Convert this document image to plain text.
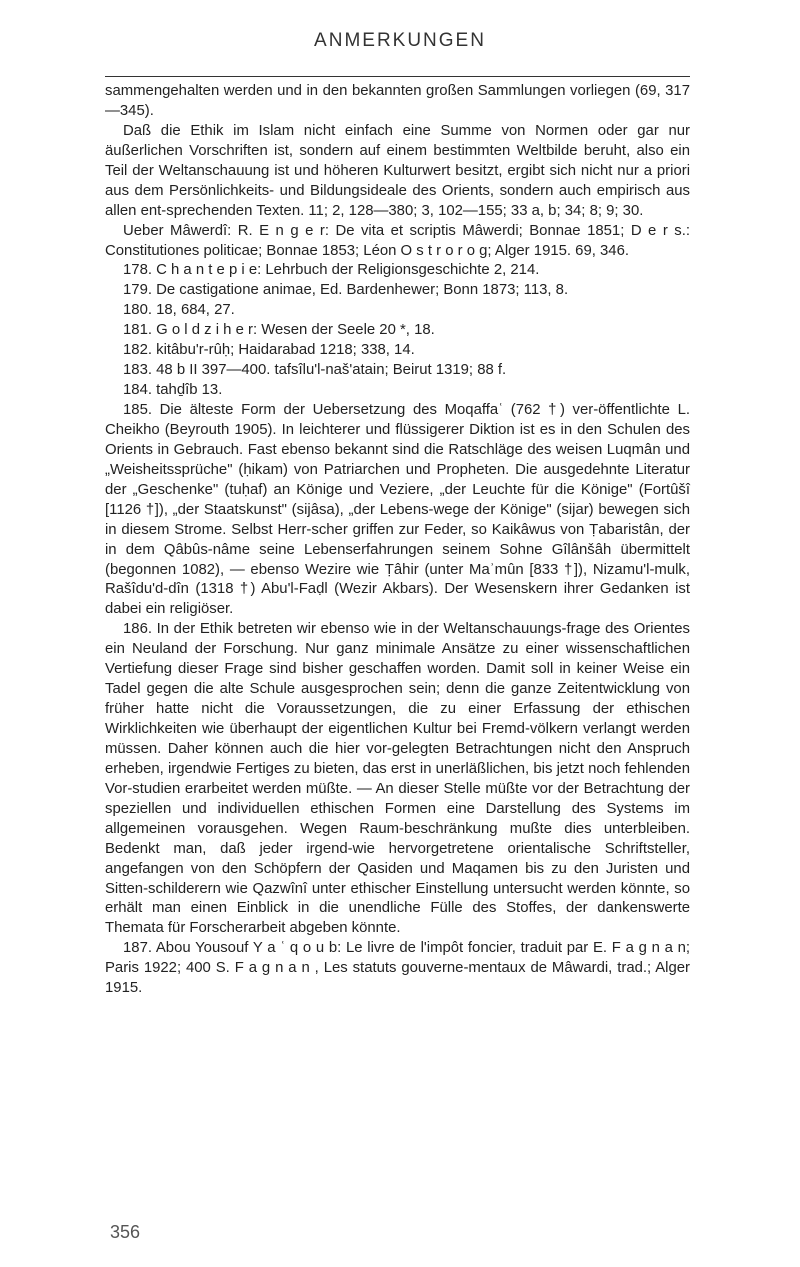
ANMERKUNGEN

sammengehalten werden und in den bekannten großen Sammlungen vorliegen (69, 317—345).

Daß die Ethik im Islam nicht einfach eine Summe von Normen oder gar nur äußerlichen Vorschriften ist, sondern auf einem bestimmten Weltbilde beruht, also ein Teil der Weltanschauung ist und höheren Kulturwert besitzt, ergibt sich nicht nur a priori aus dem Persönlichkeits- und Bildungsideale des Orients, sondern auch empirisch aus allen ent-sprechenden Texten. 11; 2, 128—380; 3, 102—155; 33 a, b; 34; 8; 9; 30.

Ueber Mâwerdî: R. E n g e r: De vita et scriptis Mâwerdi; Bonnae 1851; D e r s.: Constitutiones politicae; Bonnae 1853; Léon O s t r o r o g; Alger 1915. 69, 346.

178. C h a n t e p i e: Lehrbuch der Religionsgeschichte 2, 214.

179. De castigatione animae, Ed. Bardenhewer; Bonn 1873; 113, 8.

180. 18, 684, 27.

181. G o l d z i h e r: Wesen der Seele 20 *, 18.

182. kitâbu'r-rûḥ; Haidarabad 1218; 338, 14.

183. 48 b II 397—400. tafsîlu'l-naš'atain; Beirut 1319; 88 f.

184. tahḏîb 13.

185. Die älteste Form der Uebersetzung des Moqaffaʿ (762 †) ver-öffentlichte L. Cheikho (Beyrouth 1905). In leichterer und flüssigerer Diktion ist es in den Schulen des Orients in Gebrauch. Fast ebenso bekannt sind die Ratschläge des weisen Luqmân und „Weisheitssprüche" (ḥikam) von Patriarchen und Propheten. Die ausgedehnte Literatur der „Geschenke" (tuḥaf) an Könige und Veziere, „der Leuchte für die Könige" (Fortûšî [1126 †]), „der Staatskunst" (sijâsa), „der Lebens-wege der Könige" (sijar) bewegen sich in diesem Strome. Selbst Herr-scher griffen zur Feder, so Kaikâwus von Ṭabaristân, der in dem Qâbûs-nâme seine Lebenserfahrungen seinem Sohne Gîlânšâh übermittelt (begonnen 1082), — ebenso Wezire wie Ṭâhir (unter Maʾmûn [833 †]), Nizamu'l-mulk, Rašîdu'd-dîn (1318 †) Abu'l-Faḍl (Wezir Akbars). Der Wesenskern ihrer Gedanken ist dabei ein religiöser.

186. In der Ethik betreten wir ebenso wie in der Weltanschauungs-frage des Orientes ein Neuland der Forschung. Nur ganz minimale Ansätze zu einer wissenschaftlichen Vertiefung dieser Frage sind bisher geschaffen worden. Damit soll in keiner Weise ein Tadel gegen die alte Schule ausgesprochen sein; denn die ganze Zeitentwicklung von früher hatte nicht die Voraussetzungen, die zu einer Erfassung der ethischen Wirklichkeiten wie überhaupt der eigentlichen Kultur bei Fremd-völkern verlangt werden müssen. Daher können auch die hier vor-gelegten Betrachtungen nicht den Anspruch erheben, irgendwie Fertiges zu bieten, das erst in unerläßlichen, bis jetzt noch fehlenden Vor-studien erarbeitet werden müßte. — An dieser Stelle müßte vor der Betrachtung der speziellen und individuellen ethischen Formen eine Darstellung des Systems im allgemeinen vorausgehen. Wegen Raum-beschränkung mußte dies unterbleiben. Bedenkt man, daß jeder irgend-wie hervorgetretene orientalische Schriftsteller, angefangen von den Schöpfern der Qasiden und Maqamen bis zu den Juristen und Sitten-schilderern wie Qazwînî unter ethischer Einstellung untersucht werden könnte, so erhält man einen Einblick in die unendliche Fülle des Stoffes, der dankenswerte Themata für Forscherarbeit abgeben könnte.

187. Abou Yousouf Y a ʿ q o u b: Le livre de l'impôt foncier, traduit par E. F a g n a n; Paris 1922; 400 S. F a g n a n , Les statuts gouverne-mentaux de Mâwardi, trad.; Alger 1915.

356
